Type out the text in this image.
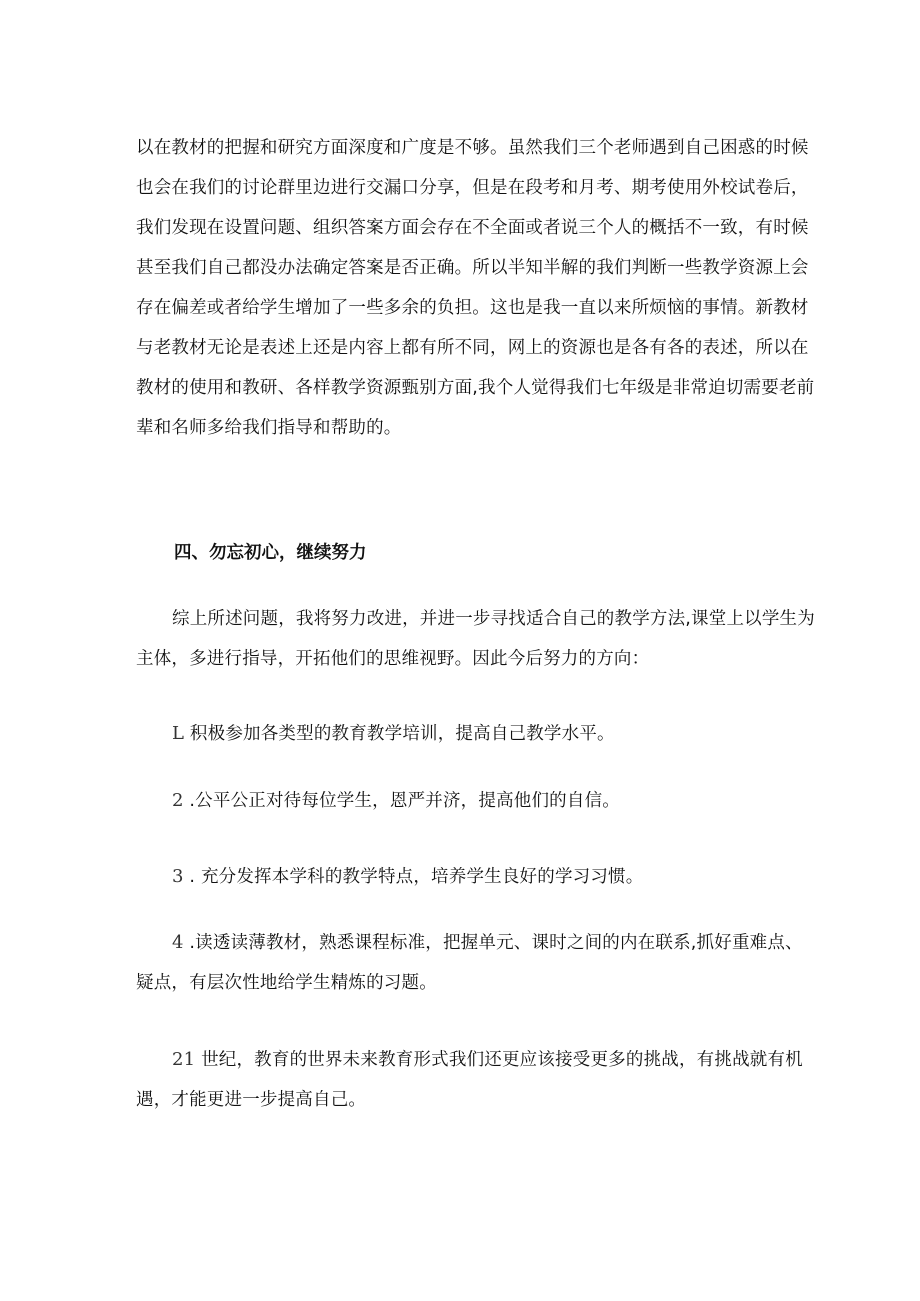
以在教材的把握和研究方面深度和广度是不够。虽然我们三个老师遇到自己困惑的时候
也会在我们的讨论群里边进行交漏口分享，但是在段考和月考、期考使用外校试卷后，
我们发现在设置问题、组织答案方面会存在不全面或者说三个人的概括不一致，有时候
甚至我们自己都没办法确定答案是否正确。所以半知半解的我们判断一些教学资源上会
存在偏差或者给学生增加了一些多余的负担。这也是我一直以来所烦恼的事情。新教材
与老教材无论是表述上还是内容上都有所不同，网上的资源也是各有各的表述，所以在
教材的使用和教研、各样教学资源甄别方面,我个人觉得我们七年级是非常迫切需要老前
辈和名师多给我们指导和帮助的。
四、勿忘初心，继续努力
综上所述问题，我将努力改进，并进一步寻找适合自己的教学方法,课堂上以学生为
主体，多进行指导，开拓他们的思维视野。因此今后努力的方向：
L 积极参加各类型的教育教学培训，提高自己教学水平。
2 .公平公正对待每位学生，恩严并济，提高他们的自信。
3 . 充分发挥本学科的教学特点，培养学生良好的学习习惯。
4 .读透读薄教材，熟悉课程标准，把握单元、课时之间的内在联系,抓好重难点、
疑点，有层次性地给学生精炼的习题。
21 世纪，教育的世界未来教育形式我们还更应该接受更多的挑战，有挑战就有机
遇，才能更进一步提高自己。
